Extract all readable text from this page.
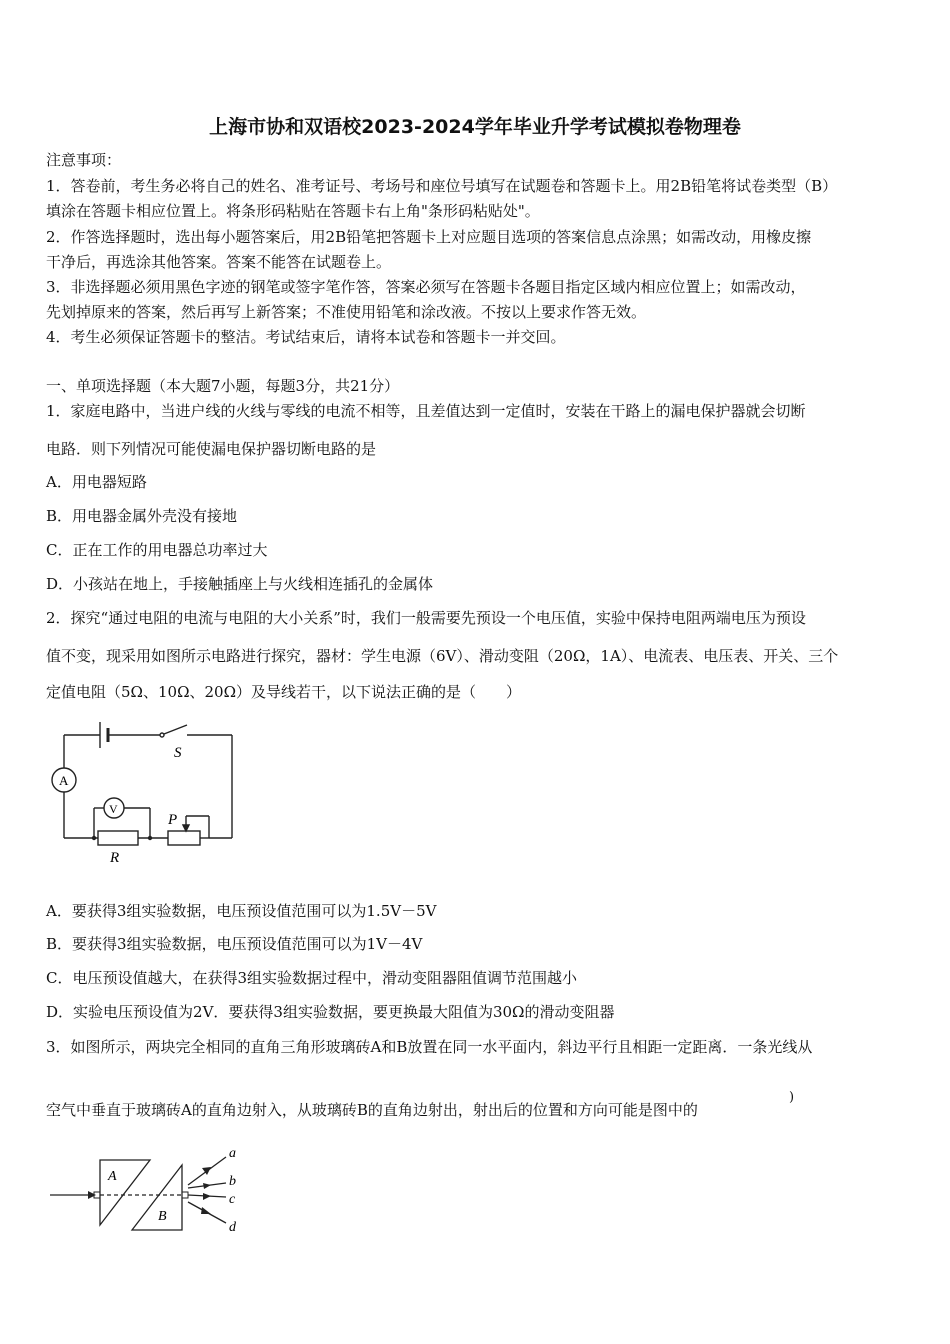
上海市协和双语校2023-2024学年毕业升学考试模拟卷物理卷
注意事项：
1．答卷前，考生务必将自己的姓名、准考证号、考场号和座位号填写在试题卷和答题卡上。用2B铅笔将试卷类型（B）
填涂在答题卡相应位置上。将条形码粘贴在答题卡右上角"条形码粘贴处"。
2．作答选择题时，选出每小题答案后，用2B铅笔把答题卡上对应题目选项的答案信息点涂黑；如需改动，用橡皮擦
干净后，再选涂其他答案。答案不能答在试题卷上。
3．非选择题必须用黑色字迹的钢笔或签字笔作答，答案必须写在答题卡各题目指定区域内相应位置上；如需改动，
先划掉原来的答案，然后再写上新答案；不准使用铅笔和涂改液。不按以上要求作答无效。
4．考生必须保证答题卡的整洁。考试结束后，请将本试卷和答题卡一并交回。
一、单项选择题（本大题7小题，每题3分，共21分）
1．家庭电路中，当进户线的火线与零线的电流不相等，且差值达到一定值时，安装在干路上的漏电保护器就会切断
电路．则下列情况可能使漏电保护器切断电路的是
A．用电器短路
B．用电器金属外壳没有接地
C．正在工作的用电器总功率过大
D．小孩站在地上，手接触插座上与火线相连插孔的金属体
2．探究“通过电阻的电流与电阻的大小关系”时，我们一般需要先预设一个电压值，实验中保持电阻两端电压为预设
值不变，现采用如图所示电路进行探究，器材：学生电源（6V）、滑动变阻（20Ω，1A）、电流表、电压表、开关、三个
定值电阻（5Ω、10Ω、20Ω）及导线若干，以下说法正确的是（　　）
A
V
S
P
R
A．要获得3组实验数据，电压预设值范围可以为1.5V－5V
B．要获得3组实验数据，电压预设值范围可以为1V－4V
C．电压预设值越大，在获得3组实验数据过程中，滑动变阻器阻值调节范围越小
D．实验电压预设值为2V．要获得3组实验数据，要更换最大阻值为30Ω的滑动变阻器
3．如图所示，两块完全相同的直角三角形玻璃砖A和B放置在同一水平面内，斜边平行且相距一定距离．一条光线从
空气中垂直于玻璃砖A的直角边射入，从玻璃砖B的直角边射出，射出后的位置和方向可能是图中的
)
A
B
a
b
c
d
